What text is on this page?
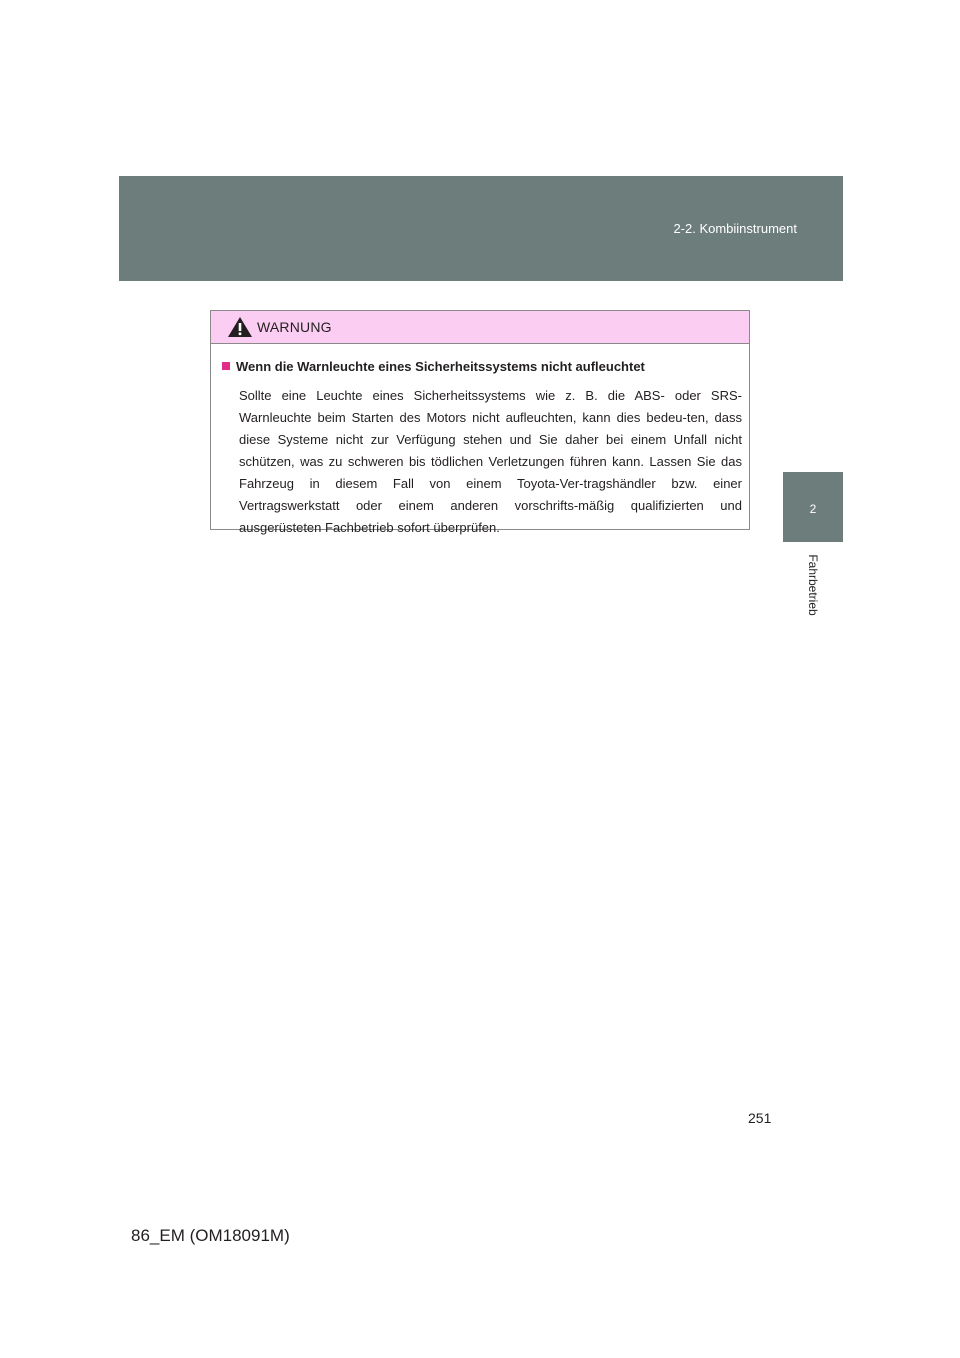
2-2. Kombiinstrument
2
Fahrbetrieb
WARNUNG
Wenn die Warnleuchte eines Sicherheitssystems nicht aufleuchtet
Sollte eine Leuchte eines Sicherheitssystems wie z. B. die ABS- oder SRS-Warnleuchte beim Starten des Motors nicht aufleuchten, kann dies bedeu-ten, dass diese Systeme nicht zur Verfügung stehen und Sie daher bei einem Unfall nicht schützen, was zu schweren bis tödlichen Verletzungen führen kann. Lassen Sie das Fahrzeug in diesem Fall von einem Toyota-Ver-tragshändler bzw. einer Vertragswerkstatt oder einem anderen vorschrifts-mäßig qualifizierten und ausgerüsteten Fachbetrieb sofort überprüfen.
251
86_EM (OM18091M)
